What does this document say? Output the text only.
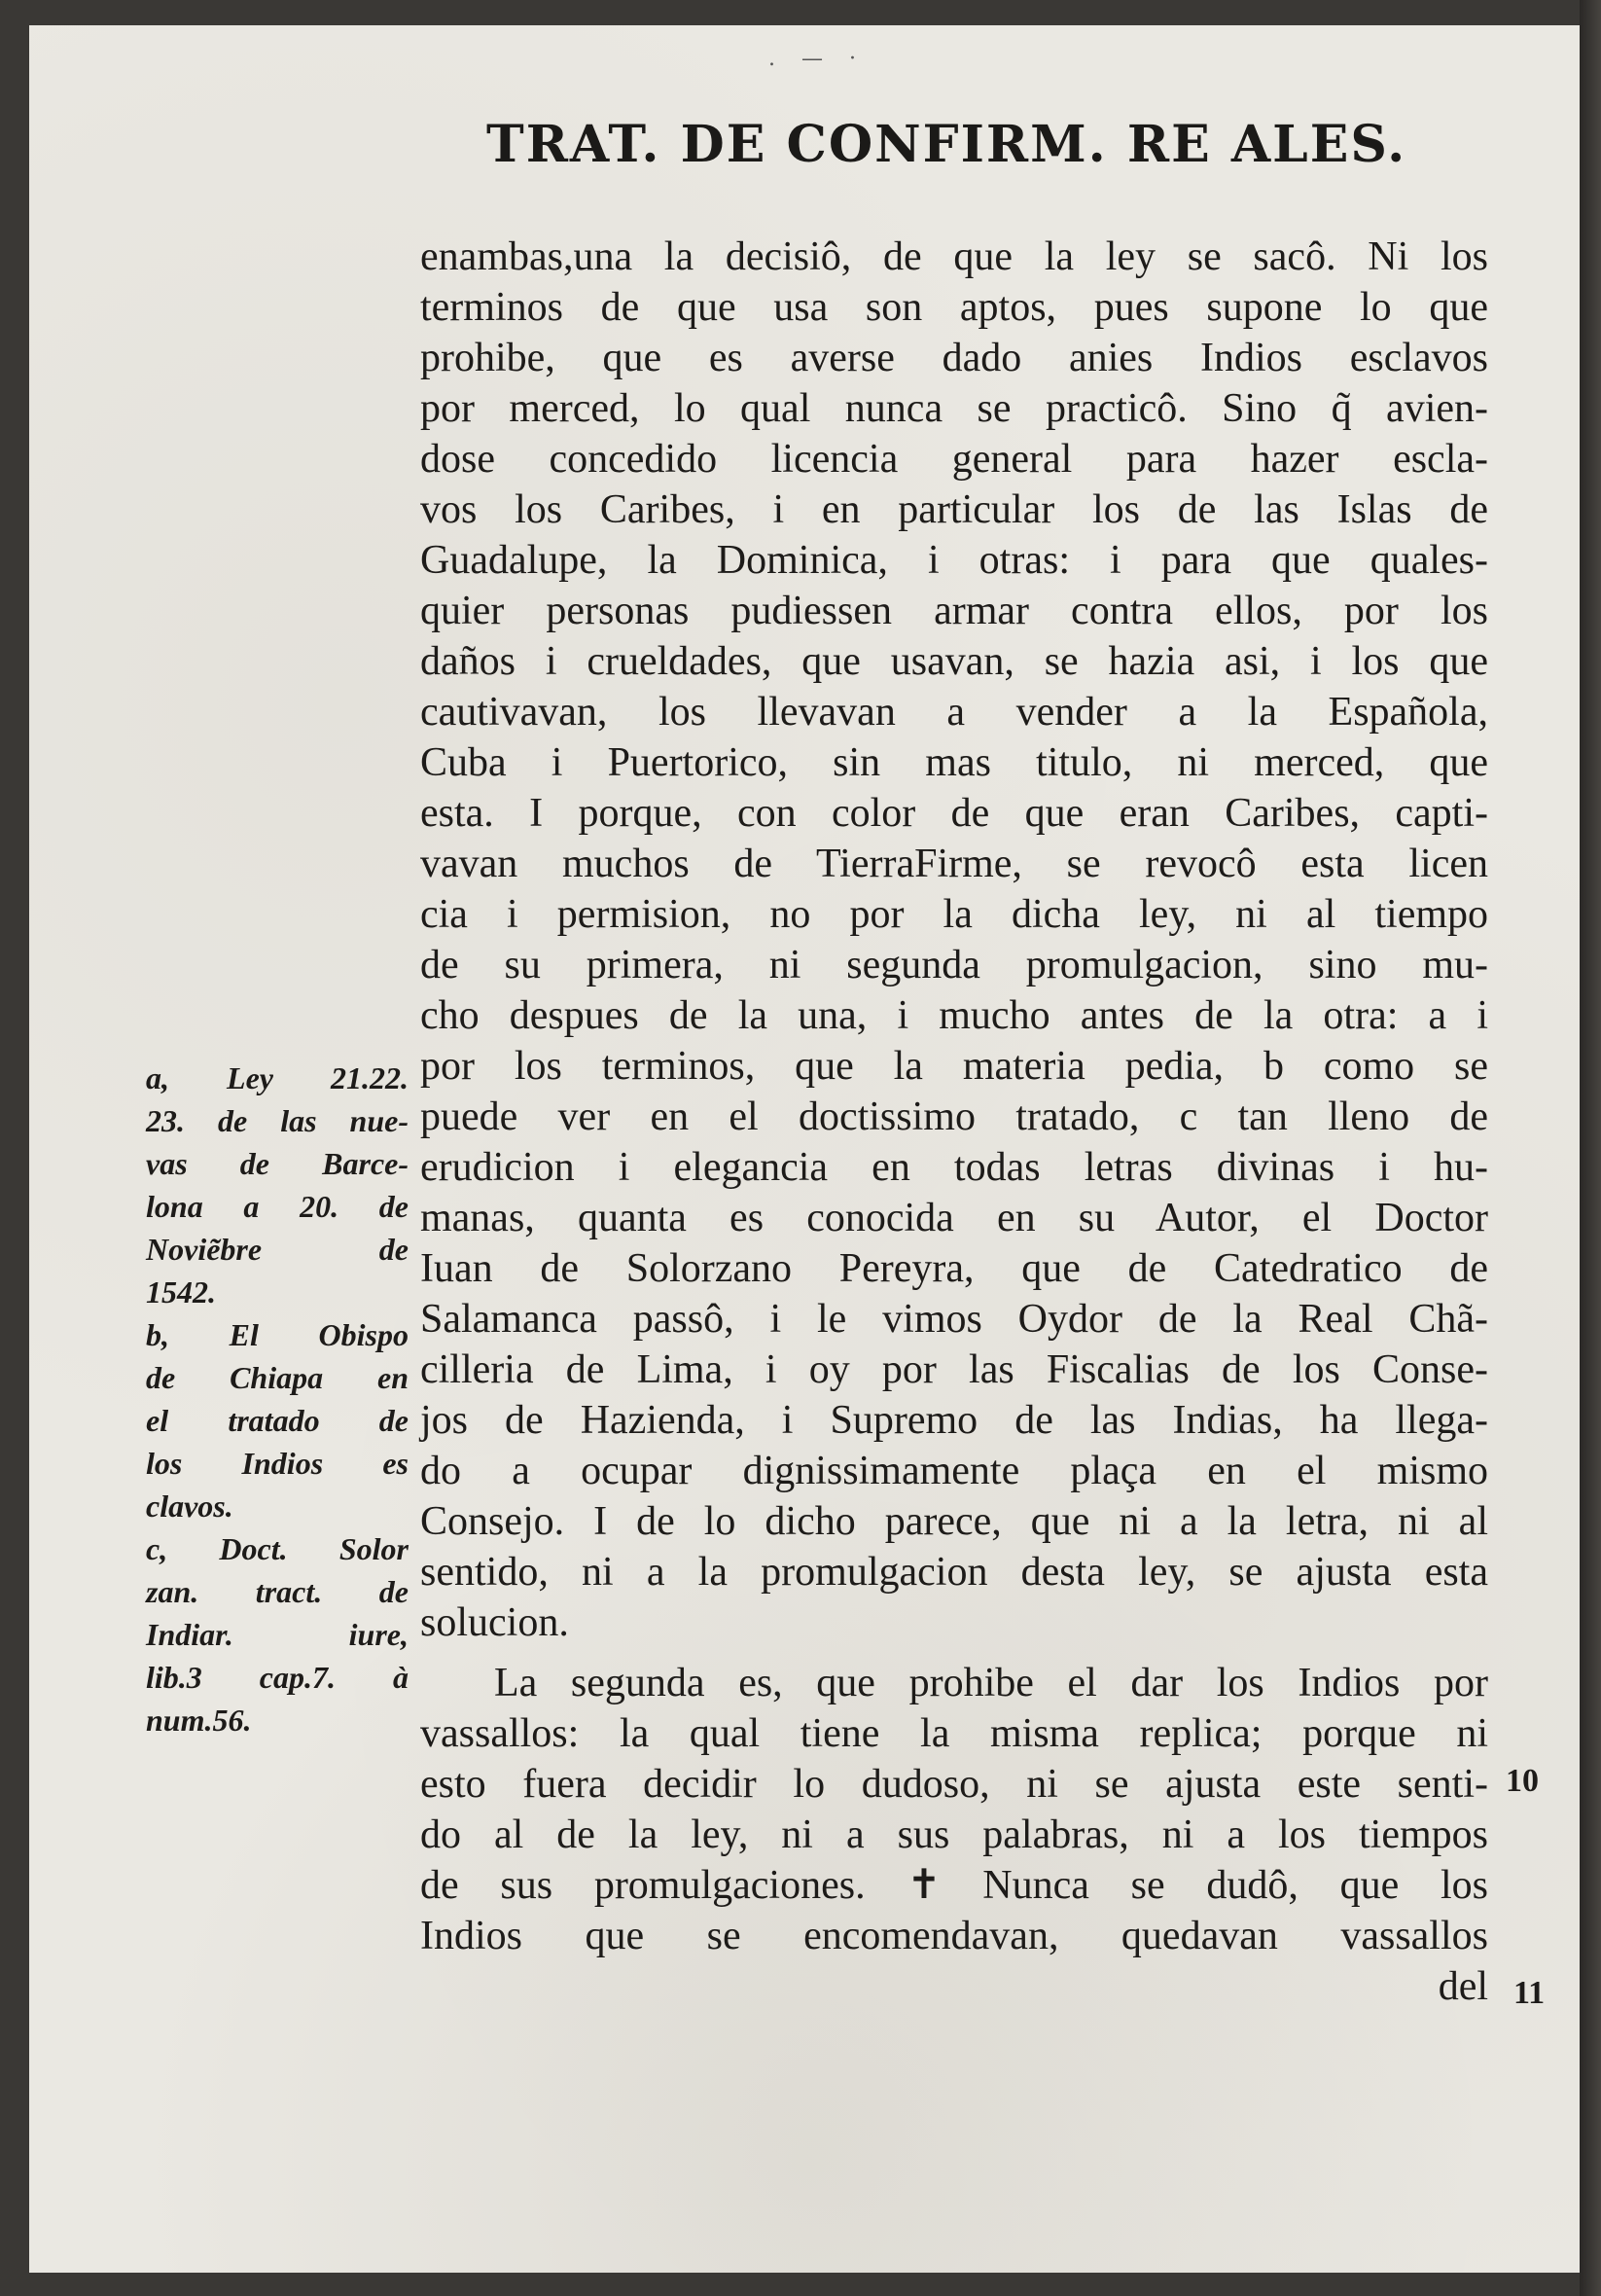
. — ·
TRAT. DE CONFIRM. RE ALES.
enambas,una la decisiô, de que la ley se sacô. Ni los
terminos de que usa son aptos, pues supone lo que
prohibe, que es averse dado anies Indios esclavos
por merced, lo qual nunca se practicô. Sino q̃ avien-
dose concedido licencia general para hazer escla-
vos los Caribes, i en particular los de las Islas de
Guadalupe, la Dominica, i otras: i para que quales-
quier personas pudiessen armar contra ellos, por los
daños i crueldades, que usavan, se hazia asi, i los que
cautivavan, los llevavan a vender a la Española,
Cuba i Puertorico, sin mas titulo, ni merced, que
esta. I porque, con color de que eran Caribes, capti-
vavan muchos de TierraFirme, se revocô esta licen
cia i permision, no por la dicha ley, ni al tiempo
de su primera, ni segunda promulgacion, sino mu-
cho despues de la una, i mucho antes de la otra: a i
por los terminos, que la materia pedia, b como se
puede ver en el doctissimo tratado, c tan lleno de
erudicion i elegancia en todas letras divinas i hu-
manas, quanta es conocida en su Autor, el Doctor
Iuan de Solorzano Pereyra, que de Catedratico de
Salamanca passô, i le vimos Oydor de la Real Chã-
cilleria de Lima, i oy por las Fiscalias de los Conse-
jos de Hazienda, i Supremo de las Indias, ha llega-
do a ocupar dignissimamente plaça en el mismo
Consejo. I de lo dicho parece, que ni a la letra, ni al
sentido, ni a la promulgacion desta ley, se ajusta esta
solucion.
La segunda es, que prohibe el dar los Indios por
vassallos: la qual tiene la misma replica; porque ni
esto fuera decidir lo dudoso, ni se ajusta este senti-
do al de la ley, ni a sus palabras, ni a los tiempos
de sus promulgaciones. ✝ Nunca se dudô, que los
Indios que se encomendavan, quedavan vassallos
del
a, Ley 21.22.
23. de las nue-
vas de Barce-
lona a 20. de
Noviẽbre de
1542.
b, El Obispo
de Chiapa en
el tratado de
los Indios es
clavos.
c, Doct. Solor
zan. tract. de
Indiar. iure,
lib.3 cap.7. à
num.56.
10
11
